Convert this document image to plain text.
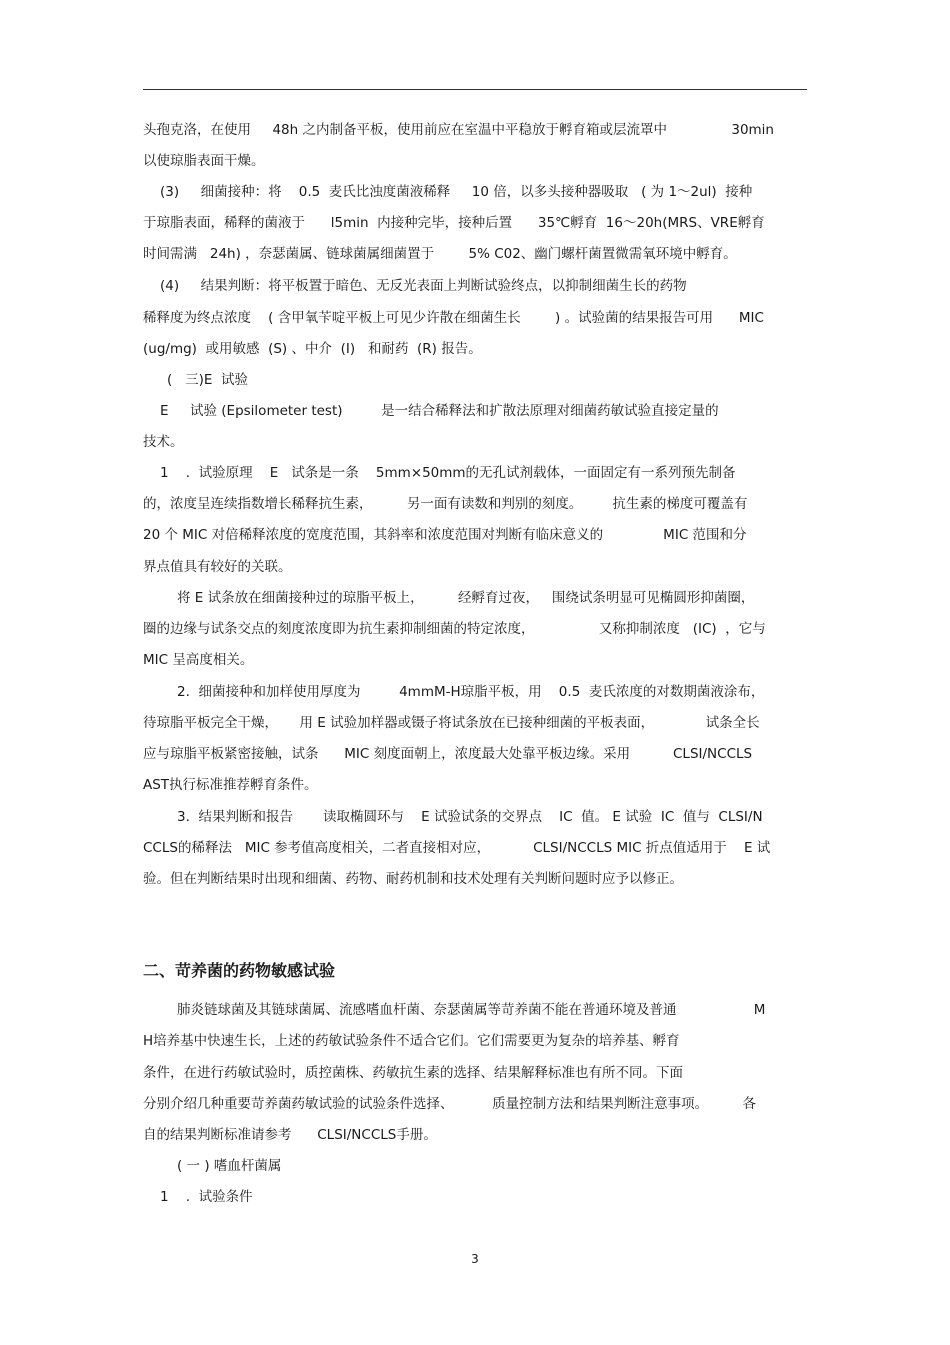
头孢克洛，在使用     48h 之内制备平板，使用前应在室温中平稳放于孵育箱或层流罩中               30min

以使琼脂表面干燥。

(3)     细菌接种：将    0.5  麦氏比浊度菌液稀释     10 倍，以多头接种器吸取   ( 为 1～2ul)  接种

于琼脂表面，稀释的菌液于      l5min  内接种完毕，接种后置      35℃孵育  16～20h(MRS、VRE孵育

时间需满   24h) ，奈瑟菌属、链球菌属细菌置于        5% C02、幽门螺杆菌置微需氧环境中孵育。

(4)     结果判断：将平板置于暗色、无反光表面上判断试验终点，以抑制细菌生长的药物

稀释度为终点浓度    ( 含甲氧苄啶平板上可见少许散在细菌生长        ) 。试验菌的结果报告可用      MIC

(ug/mg)  或用敏感  (S) 、中介  (I)   和耐药  (R) 报告。

(   三)E  试验

E     试验 (Epsilometer test)         是一结合稀释法和扩散法原理对细菌药敏试验直接定量的

技术。

1    .  试验原理    E   试条是一条    5mm×50mm的无孔试剂载体，一面固定有一系列预先制备

的，浓度呈连续指数增长稀释抗生素，        另一面有读数和判别的刻度。       抗生素的梯度可覆盖有

20 个 MIC 对倍稀释浓度的宽度范围，其斜率和浓度范围对判断有临床意义的              MIC 范围和分

界点值具有较好的关联。

将 E 试条放在细菌接种过的琼脂平板上，        经孵育过夜，   围绕试条明显可见椭圆形抑菌圈，

圈的边缘与试条交点的刻度浓度即为抗生素抑制细菌的特定浓度，               又称抑制浓度   (IC)  ，它与

MIC 呈高度相关。

2.  细菌接种和加样使用厚度为         4mmM-H琼脂平板，用    0.5  麦氏浓度的对数期菌液涂布，

待琼脂平板完全干燥，     用 E 试验加样器或镊子将试条放在已接种细菌的平板表面，            试条全长

应与琼脂平板紧密接触，试条      MIC 刻度面朝上，浓度最大处靠平板边缘。采用          CLSI/NCCLS

AST执行标准推荐孵育条件。

3.  结果判断和报告       读取椭圆环与    E 试验试条的交界点    IC  值。 E 试验  IC  值与  CLSI/N

CCLS的稀释法   MIC 参考值高度相关，二者直接相对应，          CLSI/NCCLS MIC 折点值适用于    E 试

验。但在判断结果时出现和细菌、药物、耐药机制和技术处理有关判断问题时应予以修正。

肺炎链球菌及其链球菌属、流感嗜血杆菌、奈瑟菌属等苛养菌不能在普通环境及普通                  M

H培养基中快速生长，上述的药敏试验条件不适合它们。它们需要更为复杂的培养基、孵育

条件，在进行药敏试验时，质控菌株、药敏抗生素的选择、结果解释标准也有所不同。下面

分别介绍几种重要苛养菌药敏试验的试验条件选择、         质量控制方法和结果判断注意事项。        各

自的结果判断标准请参考      CLSI/NCCLS手册。

( 一 ) 嗜血杆菌属

1    .  试验条件

二、苛养菌的药物敏感试验
3
